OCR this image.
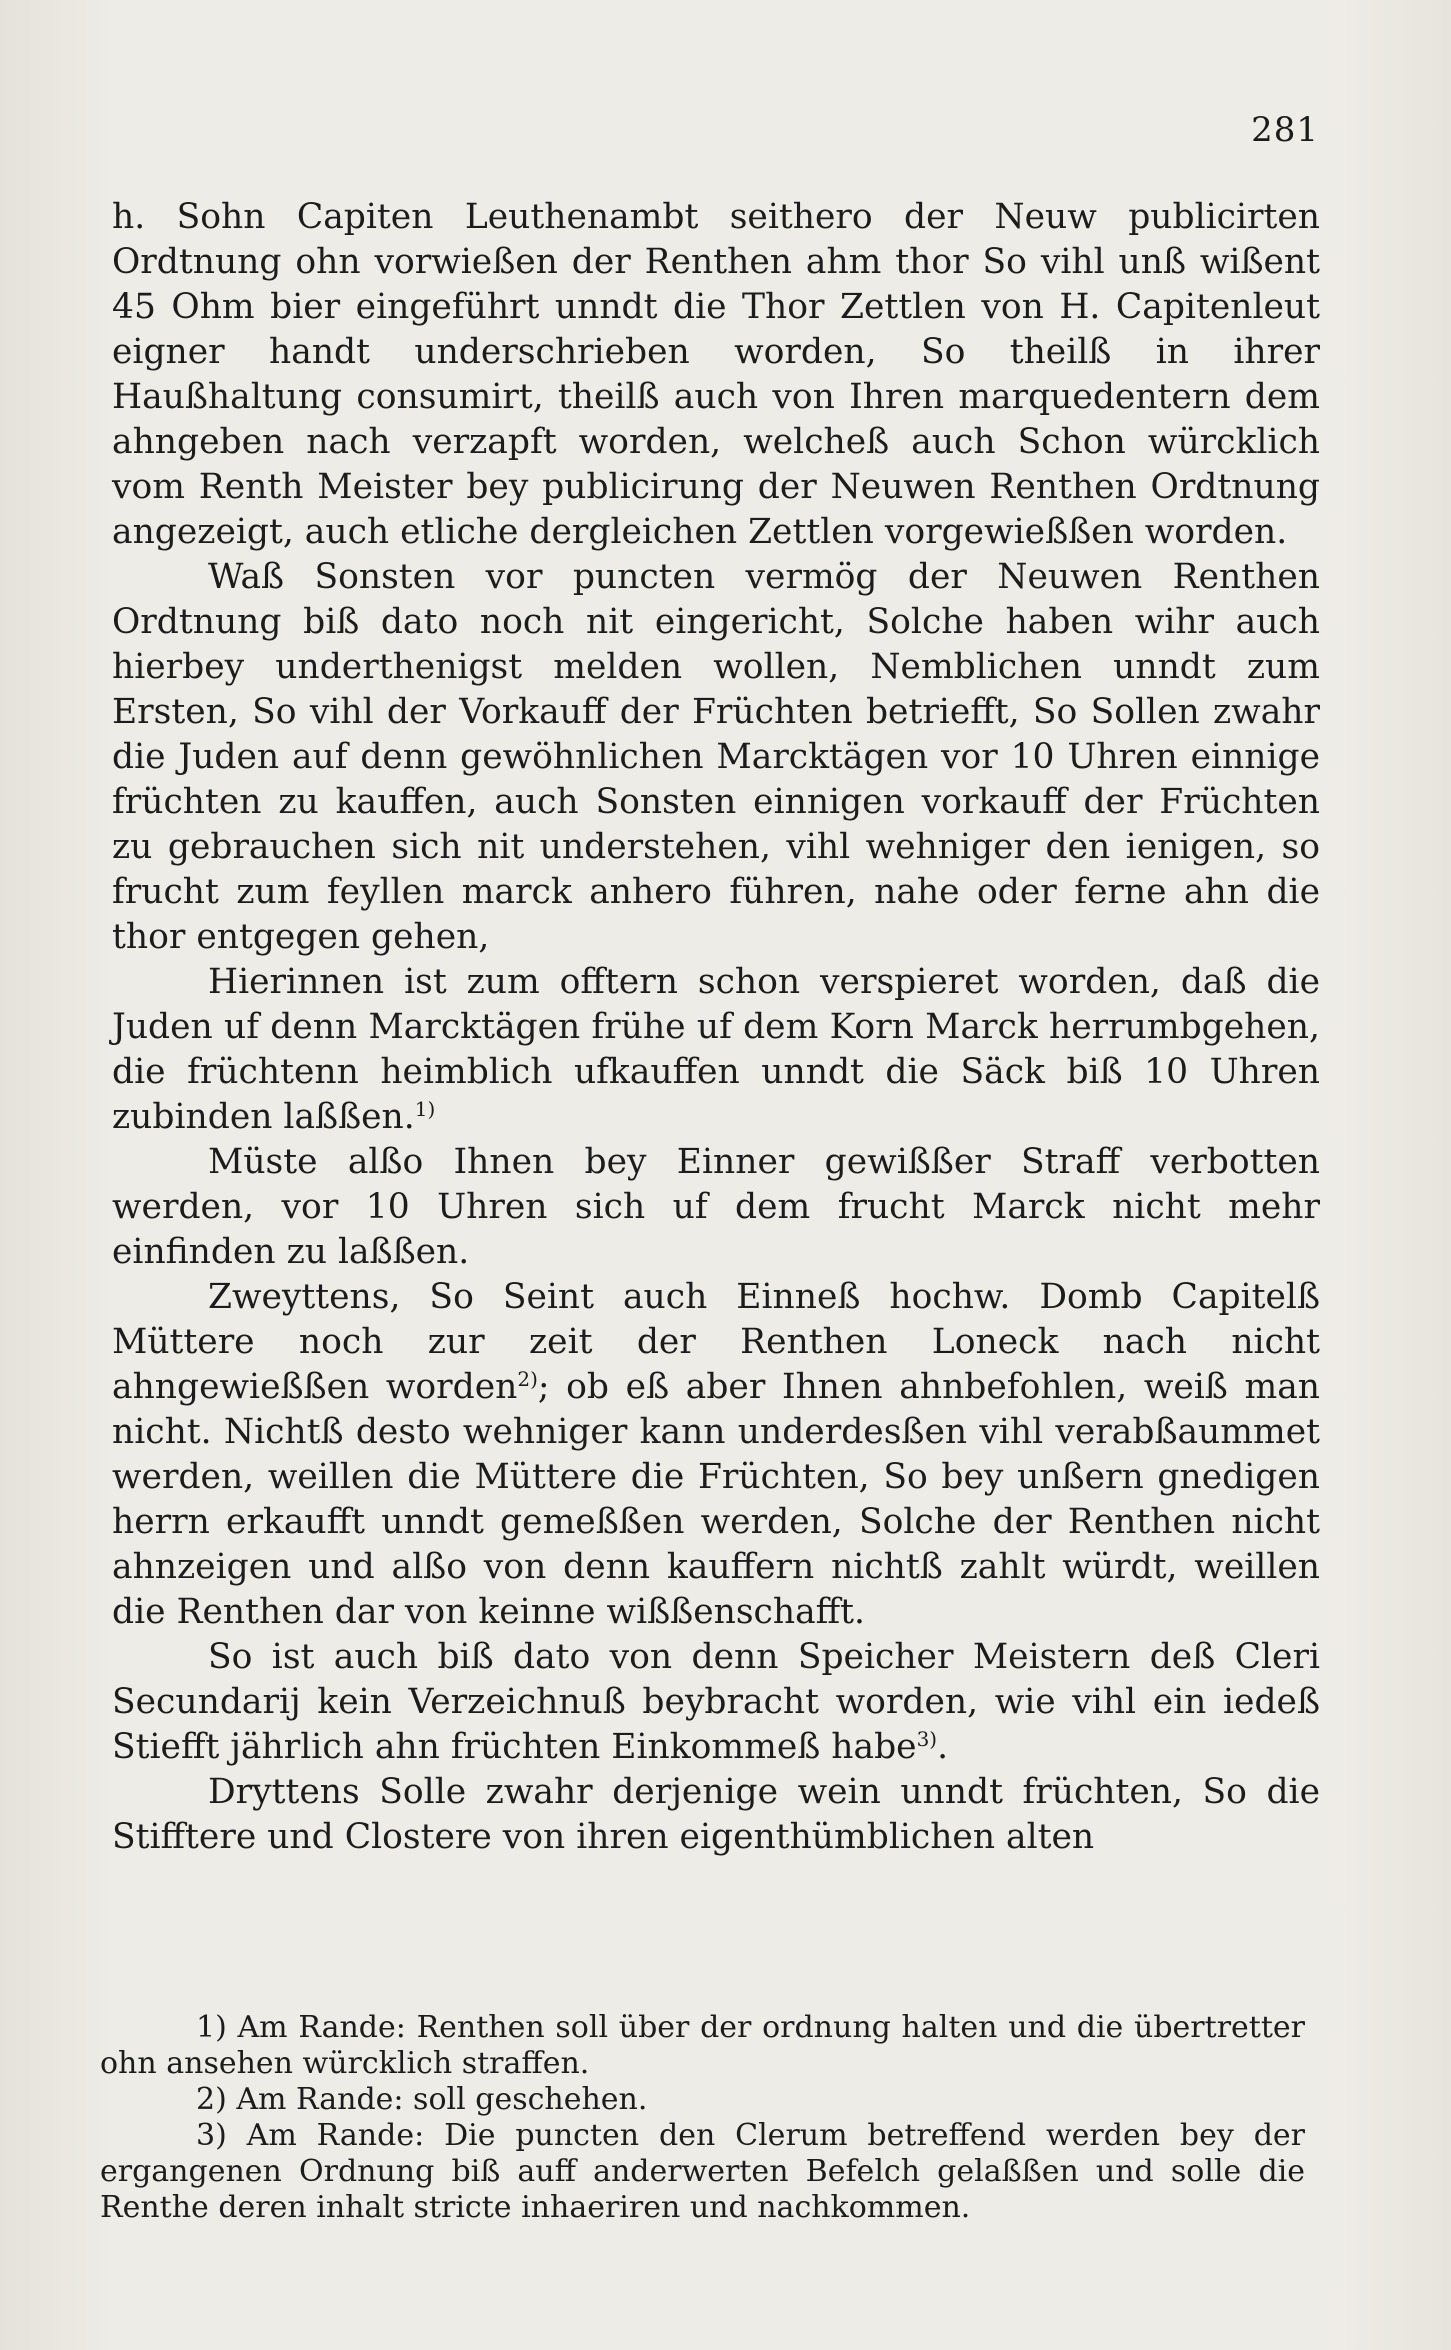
281

h. Sohn Capiten Leuthenambt seithero der Neuw publicirten Ordtnung ohn vorwießen der Renthen ahm thor So vihl unß wißent 45 Ohm bier eingeführt unndt die Thor Zettlen von H. Capitenleut eigner handt underschrieben worden, So theilß in ihrer Haußhaltung consumirt, theilß auch von Ihren marquedentern dem ahngeben nach verzapft worden, welcheß auch Schon würcklich vom Renth Meister bey publicirung der Neuwen Renthen Ordtnung angezeigt, auch etliche dergleichen Zettlen vorgewießßen worden.

Waß Sonsten vor puncten vermög der Neuwen Renthen Ordtnung biß dato noch nit eingericht, Solche haben wihr auch hierbey underthenigst melden wollen, Nemblichen unndt zum Ersten, So vihl der Vorkauff der Früchten betriefft, So Sollen zwahr die Juden auf denn gewöhnlichen Marcktägen vor 10 Uhren einnige früchten zu kauffen, auch Sonsten einnigen vorkauff der Früchten zu gebrauchen sich nit understehen, vihl wehniger den ienigen, so frucht zum feyllen marck anhero führen, nahe oder ferne ahn die thor entgegen gehen,

Hierinnen ist zum offtern schon verspieret worden, daß die Juden uf denn Marcktägen frühe uf dem Korn Marck herrumbgehen, die früchtenn heimblich ufkauffen unndt die Säck biß 10 Uhren zubinden laßßen.$^{1)}$

Müste alßo Ihnen bey Einner gewißßer Straff verbotten werden, vor 10 Uhren sich uf dem frucht Marck nicht mehr einfinden zu laßßen.

Zweyttens, So Seint auch Einneß hochw. Domb Capitelß Müttere noch zur zeit der Renthen Loneck nach nicht ahngewießßen worden$^{2)}$; ob eß aber Ihnen ahnbefohlen, weiß man nicht. Nichtß desto wehniger kann underdesßen vihl verabßaummet werden, weillen die Müttere die Früchten, So bey unßern gnedigen herrn erkaufft unndt gemeßßen werden, Solche der Renthen nicht ahnzeigen und alßo von denn kauffern nichtß zahlt würdt, weillen die Renthen dar von keinne wißßenschafft.

So ist auch biß dato von denn Speicher Meistern deß Cleri Secundarij kein Verzeichnuß beybracht worden, wie vihl ein iedeß Stiefft jährlich ahn früchten Einkommeß habe$^{3)}$.

Dryttens Solle zwahr derjenige wein unndt früchten, So die Stifftere und Clostere von ihren eigenthümblichen alten

1) Am Rande: Renthen soll über der ordnung halten und die übertretter ohn ansehen würcklich straffen.

2) Am Rande: soll geschehen.

3) Am Rande: Die puncten den Clerum betreffend werden bey der ergangenen Ordnung biß auff anderwerten Befelch gelaßßen und solle die Renthe deren inhalt stricte inhaeriren und nachkommen.
